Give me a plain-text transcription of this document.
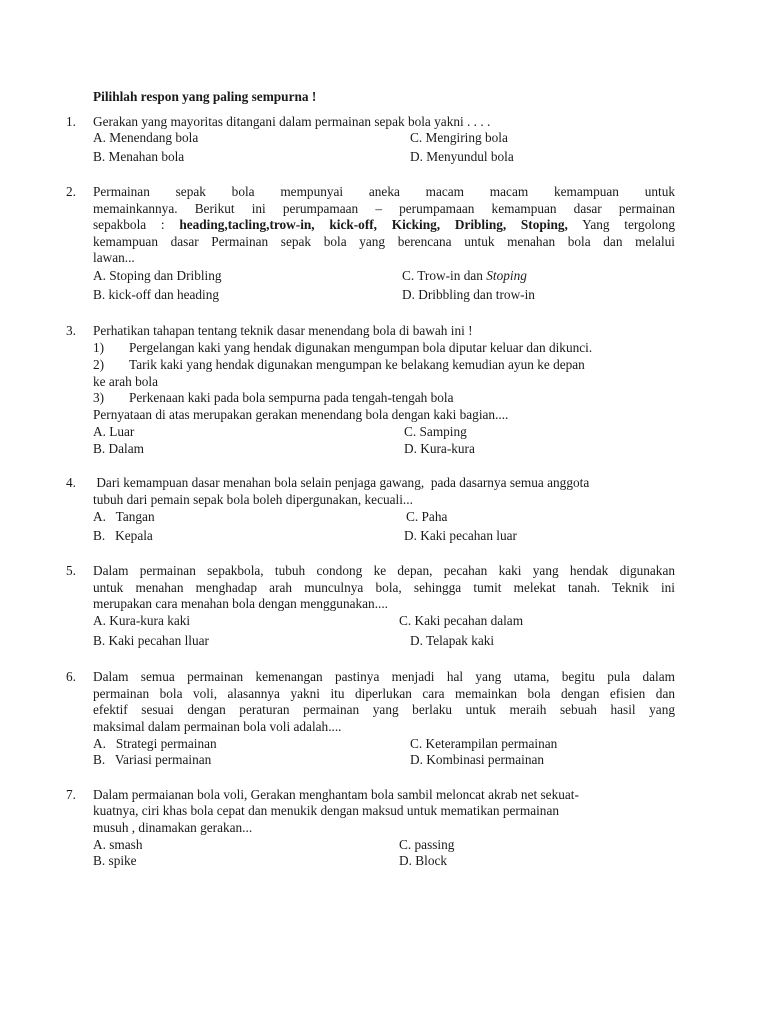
Pilihlah respon yang paling sempurna !
1. Gerakan yang mayoritas ditangani dalam permainan sepak bola yakni . . . .
A. Menendang bola	C. Mengiring bola
B. Menahan bola	D. Menyundul bola
2. Permainan sepak bola mempunyai aneka macam macam kemampuan untuk
memainkannya. Berikut ini perumpamaan – perumpamaan kemampuan dasar permainan
sepakbola : heading,tacling,trow-in, kick-off, Kicking, Dribling, Stoping, Yang tergolong
kemampuan dasar Permainan sepak bola yang berencana untuk menahan bola dan melalui
lawan...
A. Stoping dan Dribling	C. Trow-in dan Stoping
B. kick-off dan heading	D. Dribbling dan trow-in
3. Perhatikan tahapan tentang teknik dasar menendang bola di bawah ini !
1) Pergelangan kaki yang hendak digunakan mengumpan bola diputar keluar dan dikunci.
2) Tarik kaki yang hendak digunakan mengumpan ke belakang kemudian ayun ke depan
ke arah bola
3) Perkenaan kaki pada bola sempurna pada tengah-tengah bola
Pernyataan di atas merupakan gerakan menendang bola dengan kaki bagian....
A. Luar	C. Samping
B. Dalam	D. Kura-kura
4. Dari kemampuan dasar menahan bola selain penjaga gawang,  pada dasarnya semua anggota
tubuh dari pemain sepak bola boleh dipergunakan, kecuali...
A.   Tangan	C. Paha
B.   Kepala	D. Kaki pecahan luar
5. Dalam permainan sepakbola, tubuh condong ke depan, pecahan kaki yang hendak digunakan
untuk menahan menghadap arah munculnya bola, sehingga tumit melekat tanah. Teknik ini
merupakan cara menahan bola dengan menggunakan....
A. Kura-kura kaki	C. Kaki pecahan dalam
B. Kaki pecahan lluar	D. Telapak kaki
6. Dalam semua permainan kemenangan pastinya menjadi hal yang utama, begitu pula dalam
permainan bola voli, alasannya yakni itu diperlukan cara memainkan bola dengan efisien dan
efektif sesuai dengan peraturan permainan yang berlaku untuk meraih sebuah hasil yang
maksimal dalam permainan bola voli adalah....
A.   Strategi permainan	C. Keterampilan permainan
B.   Variasi permainan	D. Kombinasi permainan
7. Dalam permaianan bola voli, Gerakan menghantam bola sambil meloncat akrab net sekuat-
kuatnya, ciri khas bola cepat dan menukik dengan maksud untuk mematikan permainan
musuh , dinamakan gerakan...
A. smash	C. passing
B. spike	D. Block
